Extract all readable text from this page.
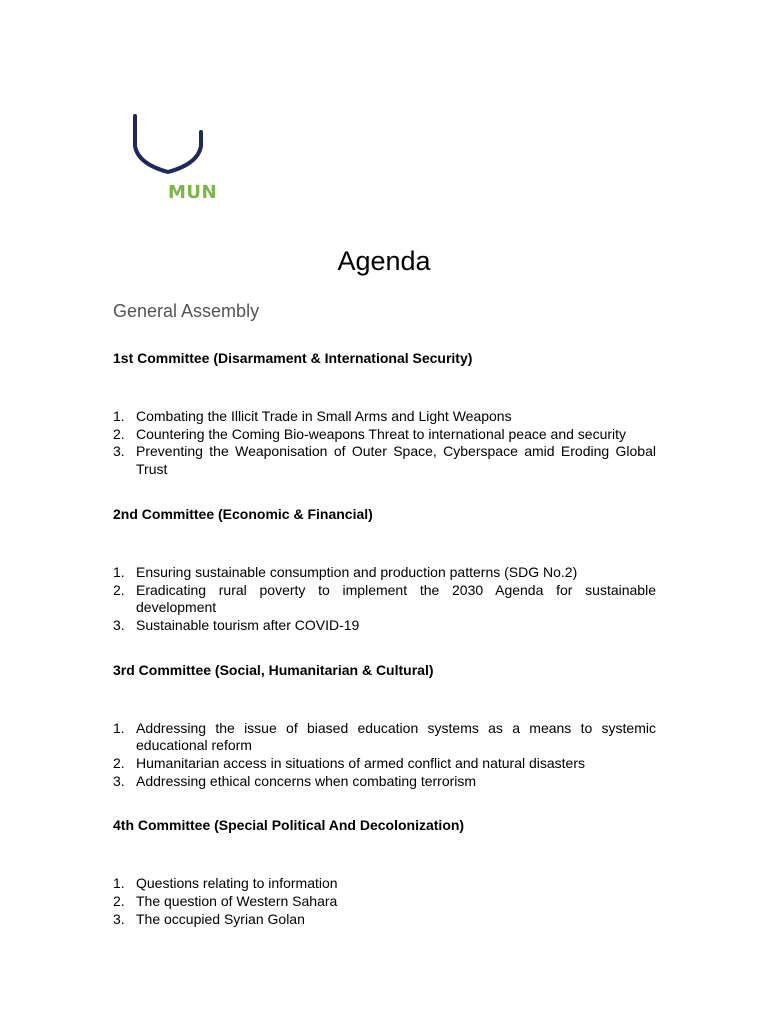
MUN
Agenda
General Assembly
1st Committee (Disarmament & International Security)
1. Combating the Illicit Trade in Small Arms and Light Weapons
2. Countering the Coming Bio-weapons Threat to international peace and security
3. Preventing the Weaponisation of Outer Space, Cyberspace amid Eroding Global Trust
2nd Committee (Economic & Financial)
1. Ensuring sustainable consumption and production patterns (SDG No.2)
2. Eradicating rural poverty to implement the 2030 Agenda for sustainable development
3. Sustainable tourism after COVID-19
3rd Committee (Social, Humanitarian & Cultural)
1. Addressing the issue of biased education systems as a means to systemic educational reform
2. Humanitarian access in situations of armed conflict and natural disasters
3. Addressing ethical concerns when combating terrorism
4th Committee (Special Political And Decolonization)
1. Questions relating to information
2. The question of Western Sahara
3. The occupied Syrian Golan
